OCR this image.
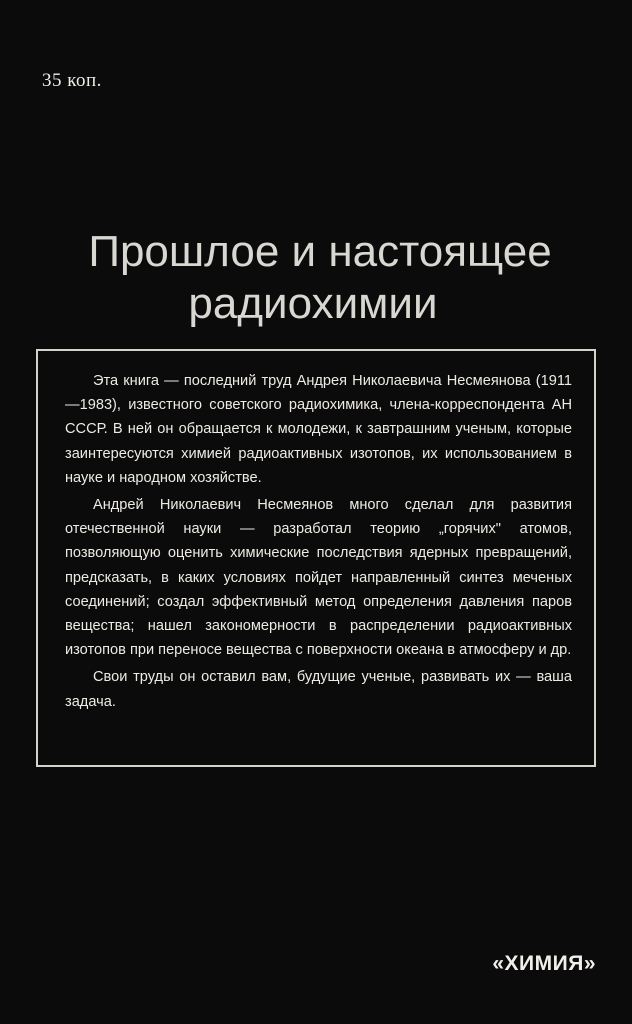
35 коп.
Прошлое и настоящее
радиохимии

Эта книга — последний труд Андрея Николаевича Несмеянова (1911—1983), известного советского радиохимика, члена-корреспондента АН СССР. В ней он обращается к молодежи, к завтрашним ученым, которые заинтересуются химией радиоактивных изотопов, их использованием в науке и народном хозяйстве.

Андрей Николаевич Несмеянов много сделал для развития отечественной науки — разработал теорию „горячих" атомов, позволяющую оценить химические последствия ядерных превращений, предсказать, в каких условиях пойдет направленный синтез меченых соединений; создал эффективный метод определения давления паров вещества; нашел закономерности в распределении радиоактивных изотопов при переносе вещества с поверхности океана в атмосферу и др.

Свои труды он оставил вам, будущие ученые, развивать их — ваша задача.

«ХИМИЯ»
